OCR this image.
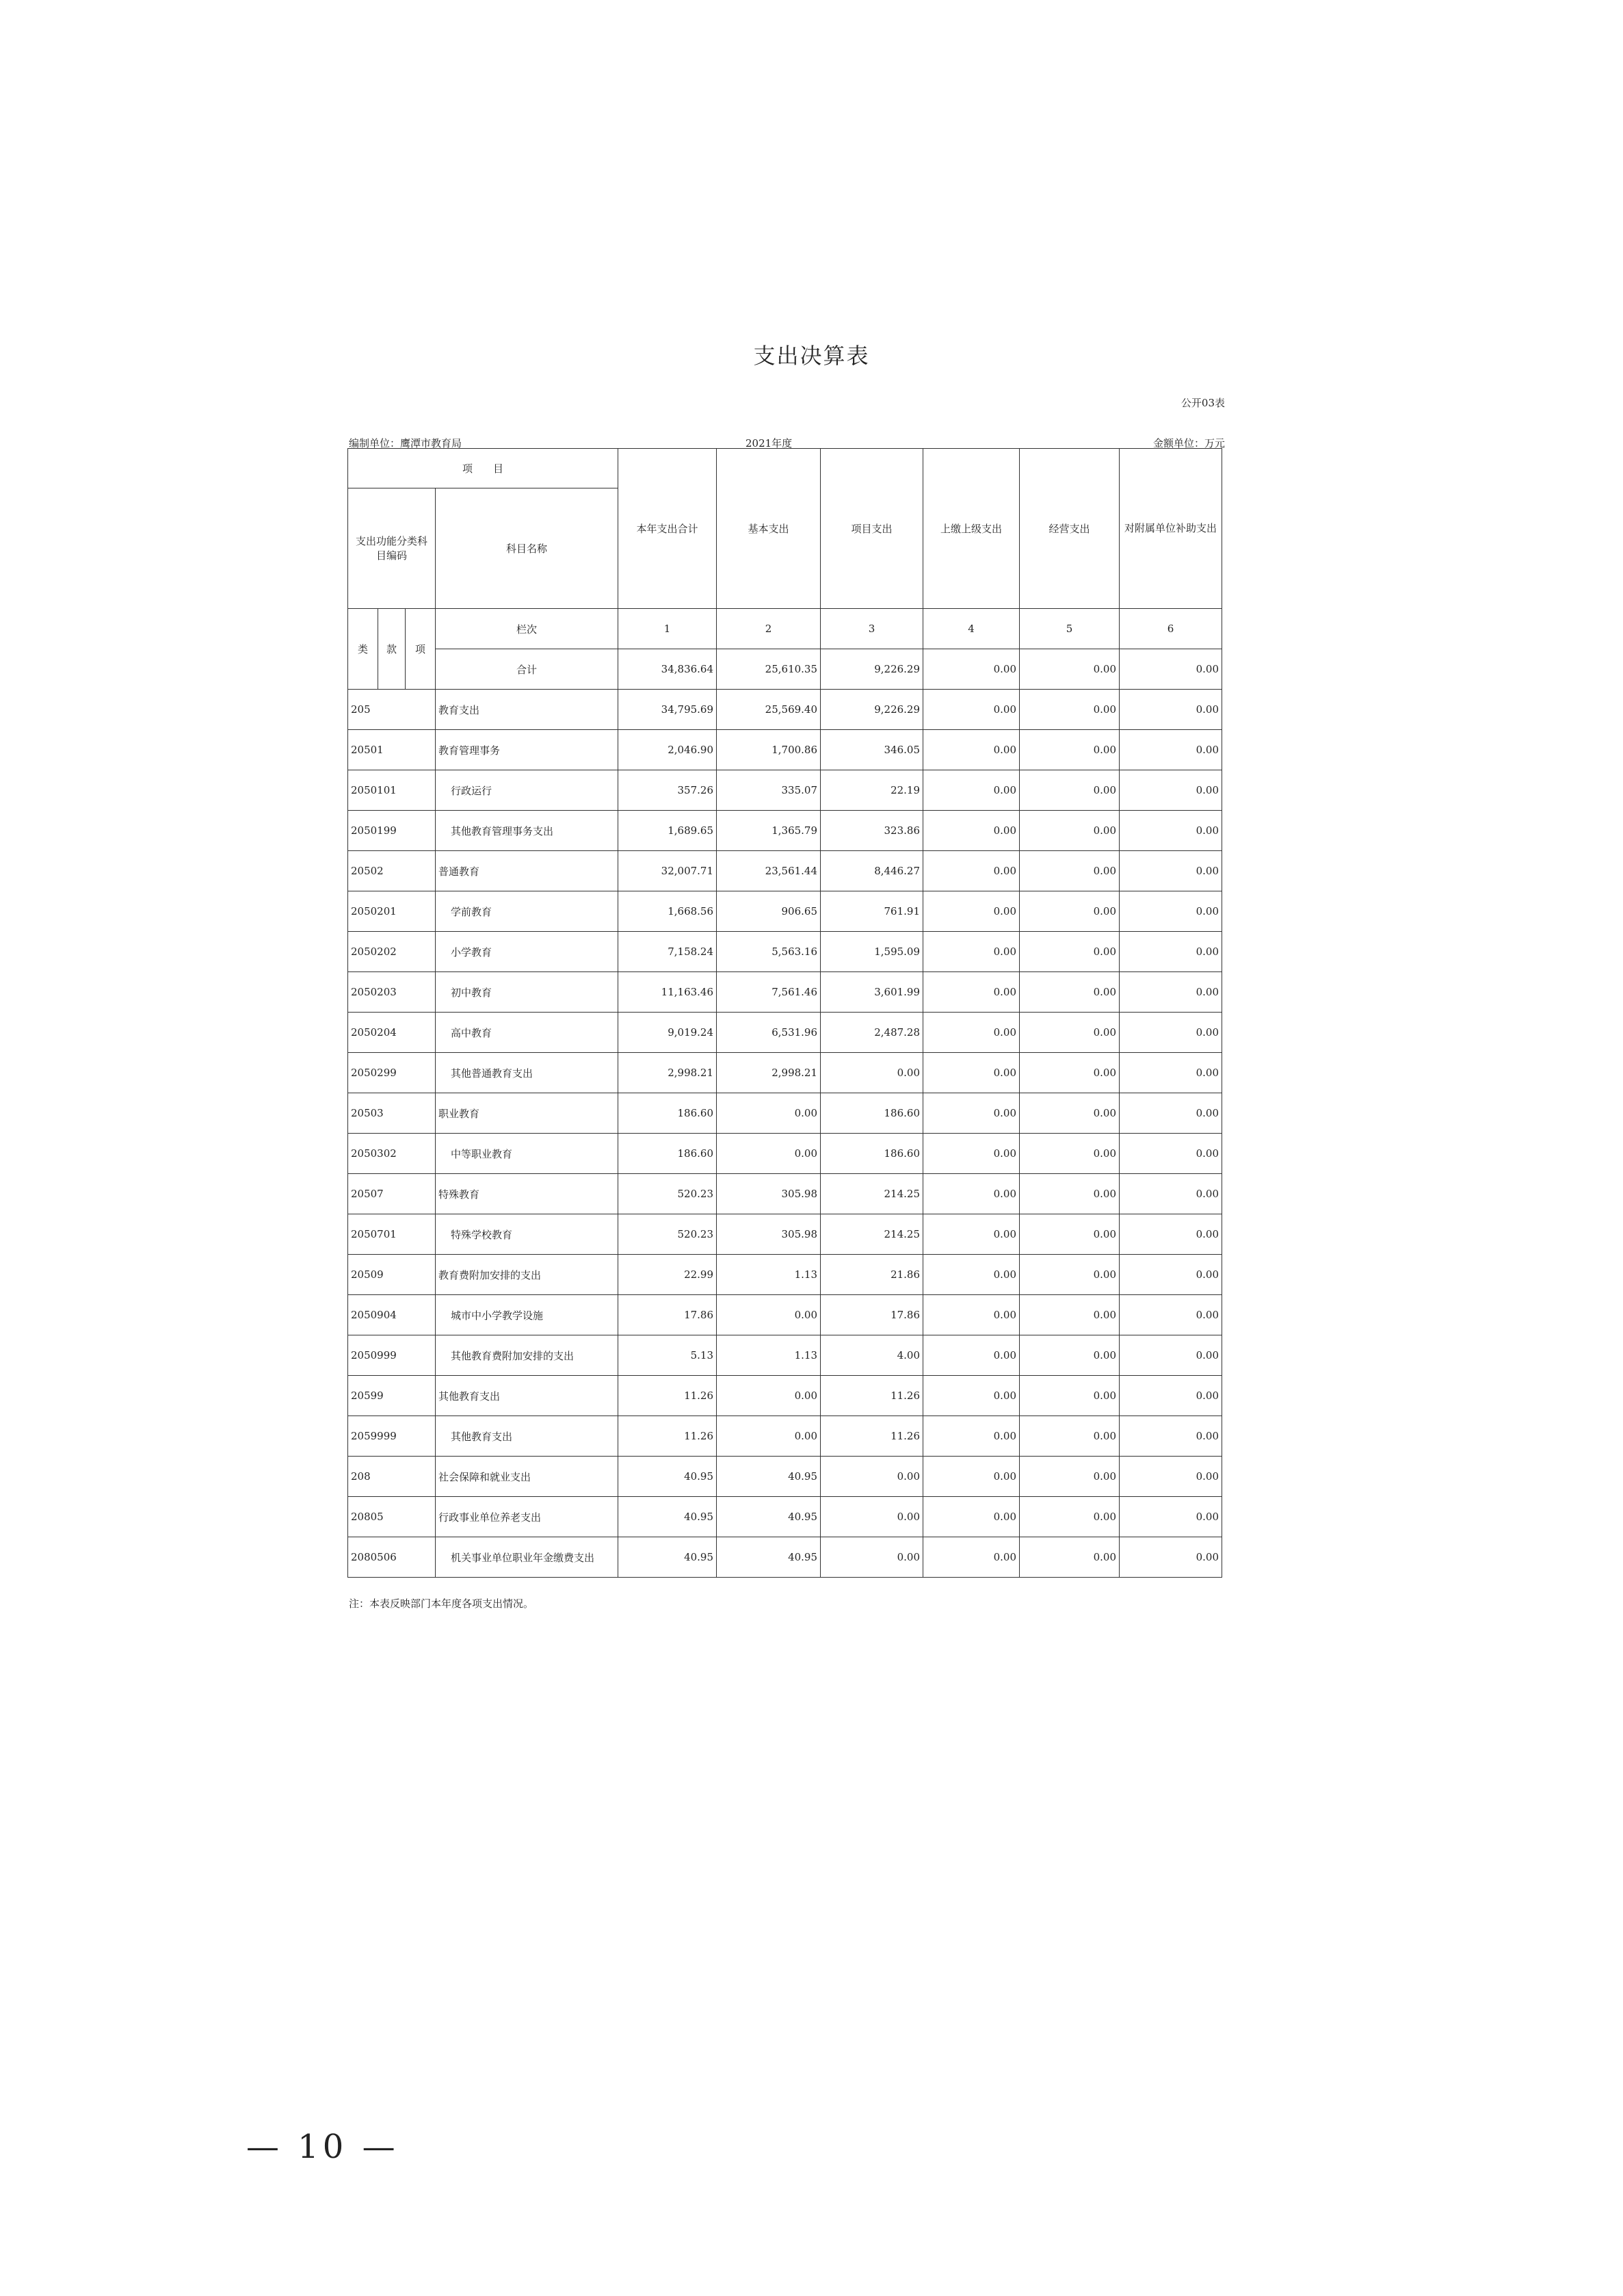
支出决算表
公开03表
编制单位：鹰潭市教育局	2021年度	金额单位：万元
项　　目				本年支出合计	基本支出	项目支出	上缴上级支出	经营支出	对附属单位补助支出
支出功能分类科目编码			科目名称						
类	款	项	栏次	1	2	3	4	5	6
			合计	34,836.64	25,610.35	9,226.29	0.00	0.00	0.00
205			教育支出	34,795.69	25,569.40	9,226.29	0.00	0.00	0.00
20501			教育管理事务	2,046.90	1,700.86	346.05	0.00	0.00	0.00
2050101			行政运行	357.26	335.07	22.19	0.00	0.00	0.00
2050199			其他教育管理事务支出	1,689.65	1,365.79	323.86	0.00	0.00	0.00
20502			普通教育	32,007.71	23,561.44	8,446.27	0.00	0.00	0.00
2050201			学前教育	1,668.56	906.65	761.91	0.00	0.00	0.00
2050202			小学教育	7,158.24	5,563.16	1,595.09	0.00	0.00	0.00
2050203			初中教育	11,163.46	7,561.46	3,601.99	0.00	0.00	0.00
2050204			高中教育	9,019.24	6,531.96	2,487.28	0.00	0.00	0.00
2050299			其他普通教育支出	2,998.21	2,998.21	0.00	0.00	0.00	0.00
20503			职业教育	186.60	0.00	186.60	0.00	0.00	0.00
2050302			中等职业教育	186.60	0.00	186.60	0.00	0.00	0.00
20507			特殊教育	520.23	305.98	214.25	0.00	0.00	0.00
2050701			特殊学校教育	520.23	305.98	214.25	0.00	0.00	0.00
20509			教育费附加安排的支出	22.99	1.13	21.86	0.00	0.00	0.00
2050904			城市中小学教学设施	17.86	0.00	17.86	0.00	0.00	0.00
2050999			其他教育费附加安排的支出	5.13	1.13	4.00	0.00	0.00	0.00
20599			其他教育支出	11.26	0.00	11.26	0.00	0.00	0.00
2059999			其他教育支出	11.26	0.00	11.26	0.00	0.00	0.00
208			社会保障和就业支出	40.95	40.95	0.00	0.00	0.00	0.00
20805			行政事业单位养老支出	40.95	40.95	0.00	0.00	0.00	0.00
2080506			机关事业单位职业年金缴费支出	40.95	40.95	0.00	0.00	0.00	0.00
注：本表反映部门本年度各项支出情况。
— 10 —
